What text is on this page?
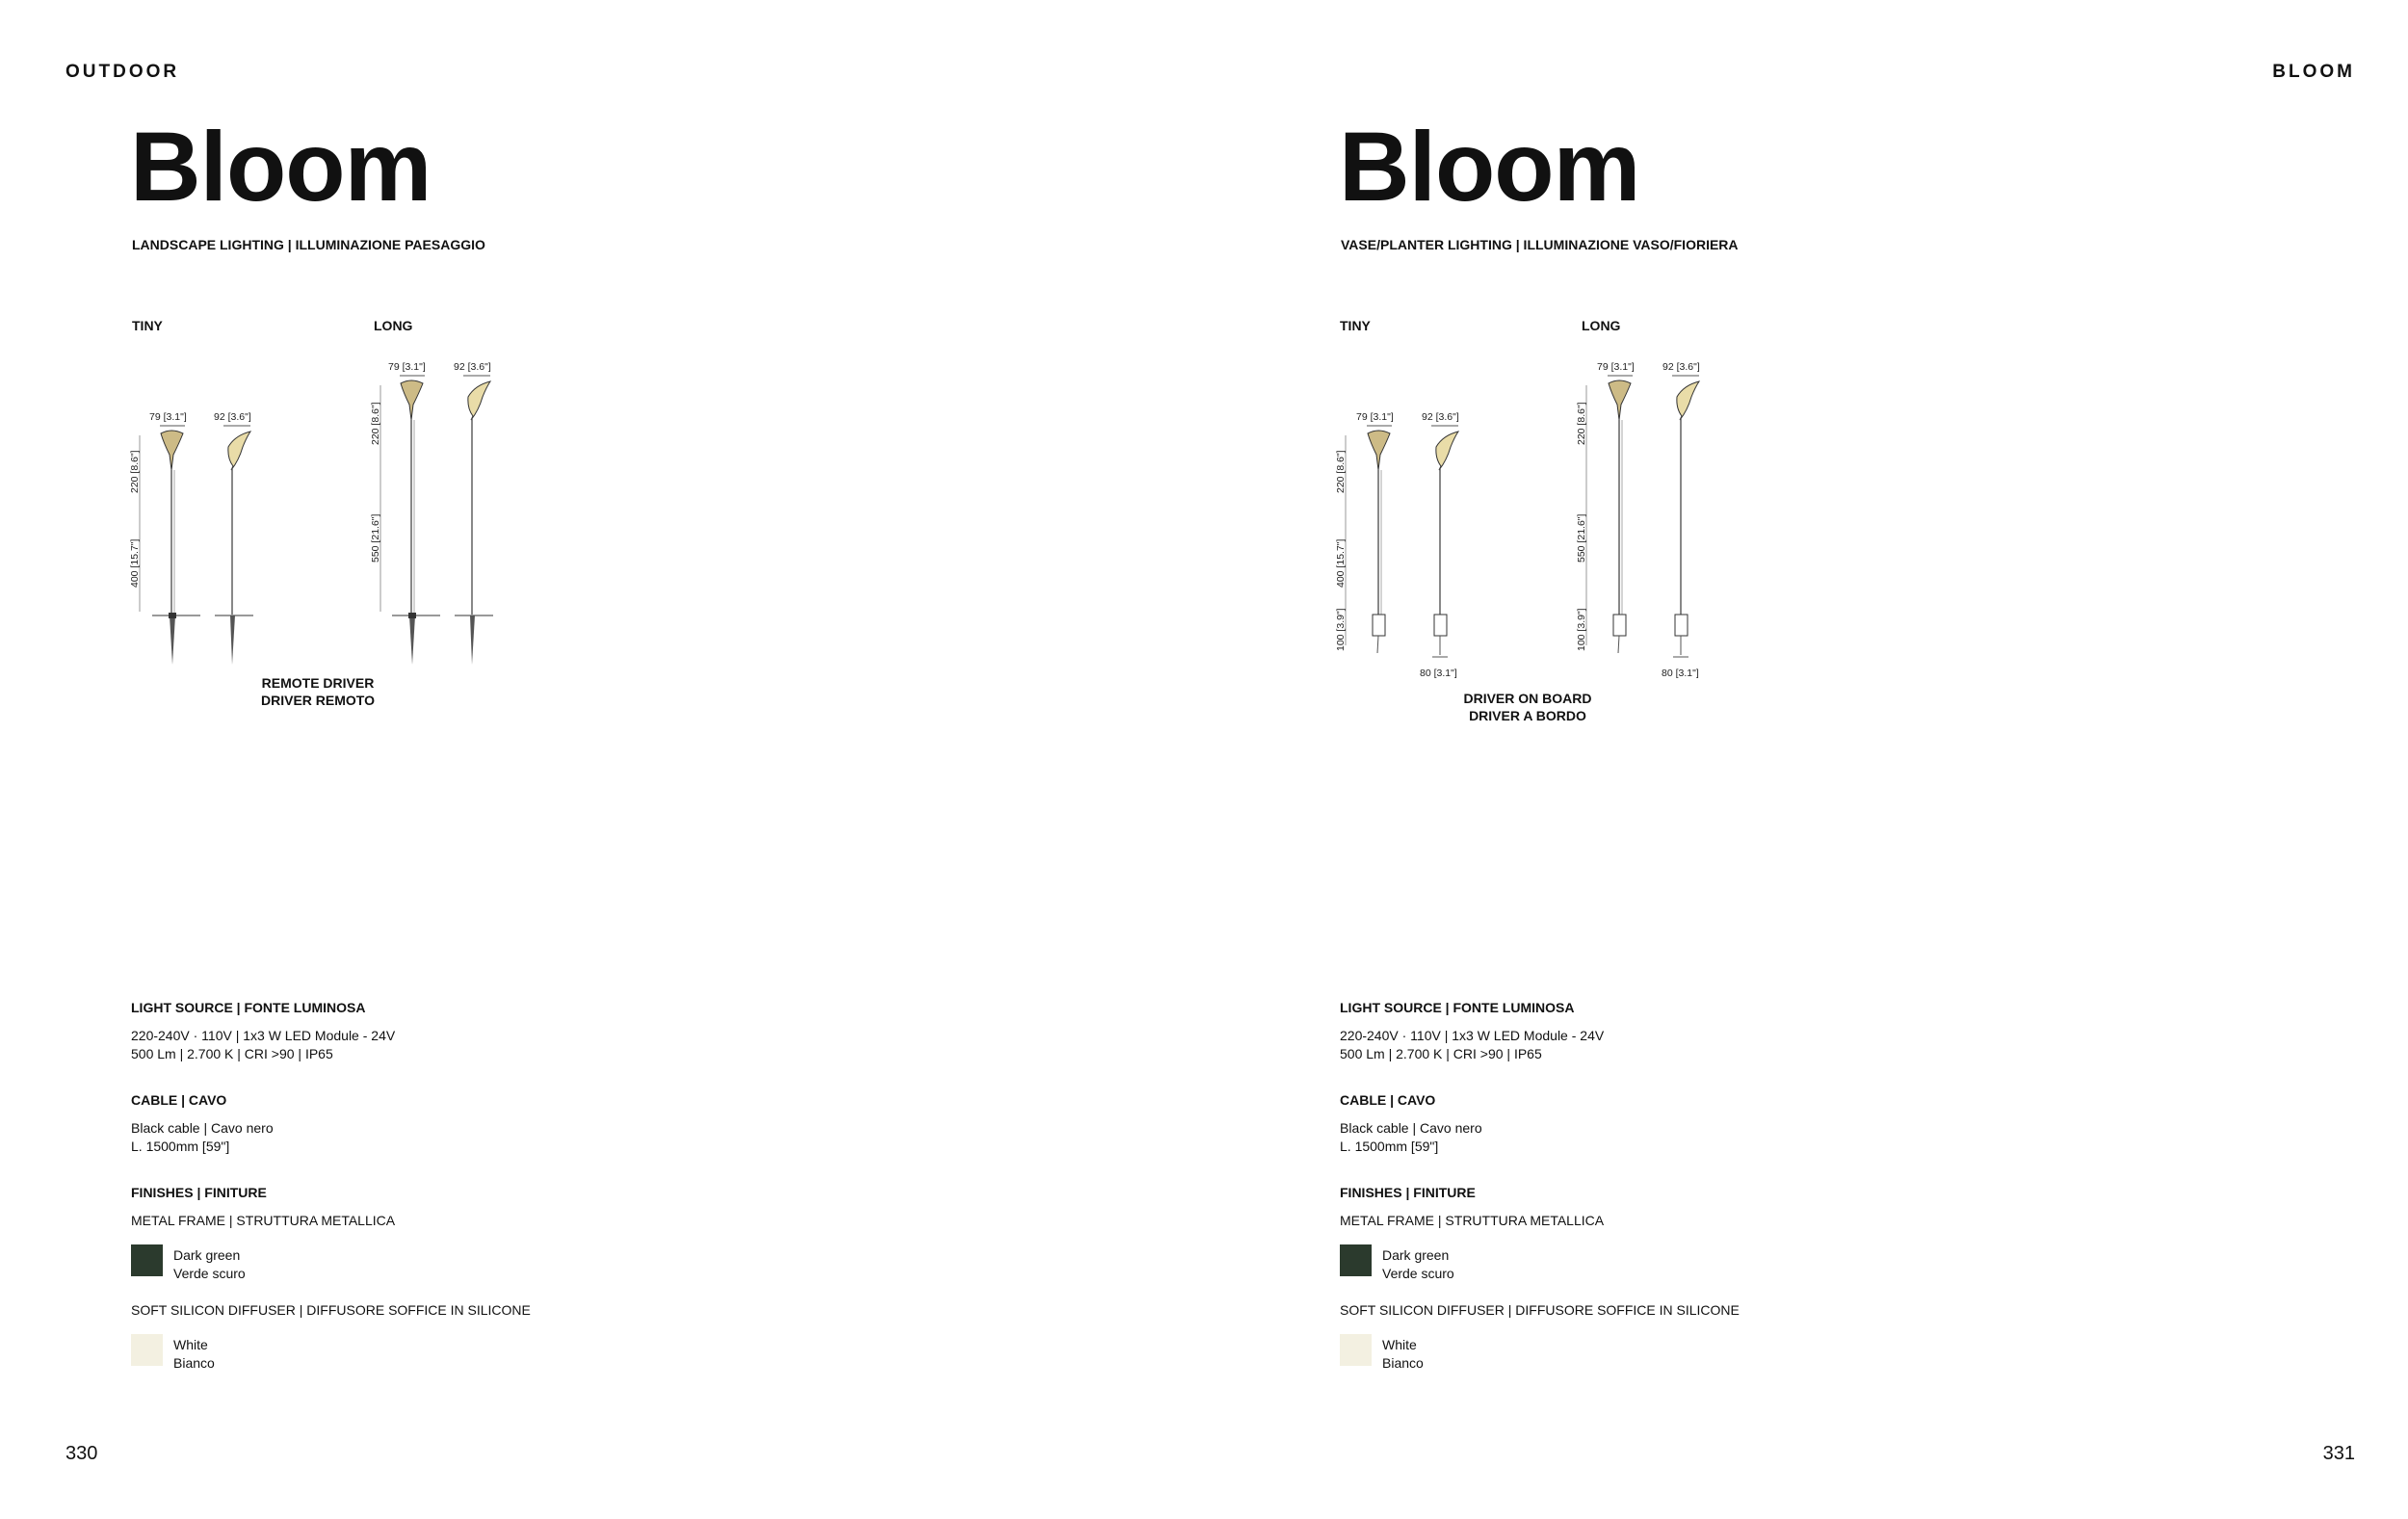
OUTDOOR	BLOOM
Bloom
LANDSCAPE LIGHTING | ILLUMINAZIONE PAESAGGIO
TINY	LONG
79 [3.1"]
220 [8.6"]
400 [15.7"]
92 [3.6"]
79 [3.1"]
220 [8.6"]
550 [21.6"]
92 [3.6"]
REMOTE DRIVER
DRIVER REMOTO

LIGHT SOURCE | FONTE LUMINOSA

220-240V · 110V | 1x3 W LED Module - 24V

500 Lm | 2.700 K | CRI >90 | IP65

CABLE | CAVO

Black cable | Cavo nero

L. 1500mm [59"]

FINISHES | FINITURE

METAL FRAME | STRUTTURA METALLICA

Dark green
Verde scuro

SOFT SILICON DIFFUSER | DIFFUSORE SOFFICE IN SILICONE

White
Bianco
330
Bloom
VASE/PLANTER LIGHTING | ILLUMINAZIONE VASO/FIORIERA
TINY	LONG
79 [3.1"]
220 [8.6"]
400 [15.7"]
100 [3.9"]
92 [3.6"]
80 [3.1"]
79 [3.1"]
220 [8.6"]
550 [21.6"]
100 [3.9"]
92 [3.6"]
80 [3.1"]
DRIVER ON BOARD
DRIVER A BORDO

LIGHT SOURCE | FONTE LUMINOSA

220-240V · 110V | 1x3 W LED Module - 24V

500 Lm | 2.700 K | CRI >90 | IP65

CABLE | CAVO

Black cable | Cavo nero

L. 1500mm [59"]

FINISHES | FINITURE

METAL FRAME | STRUTTURA METALLICA

Dark green
Verde scuro

SOFT SILICON DIFFUSER | DIFFUSORE SOFFICE IN SILICONE

White
Bianco
331
